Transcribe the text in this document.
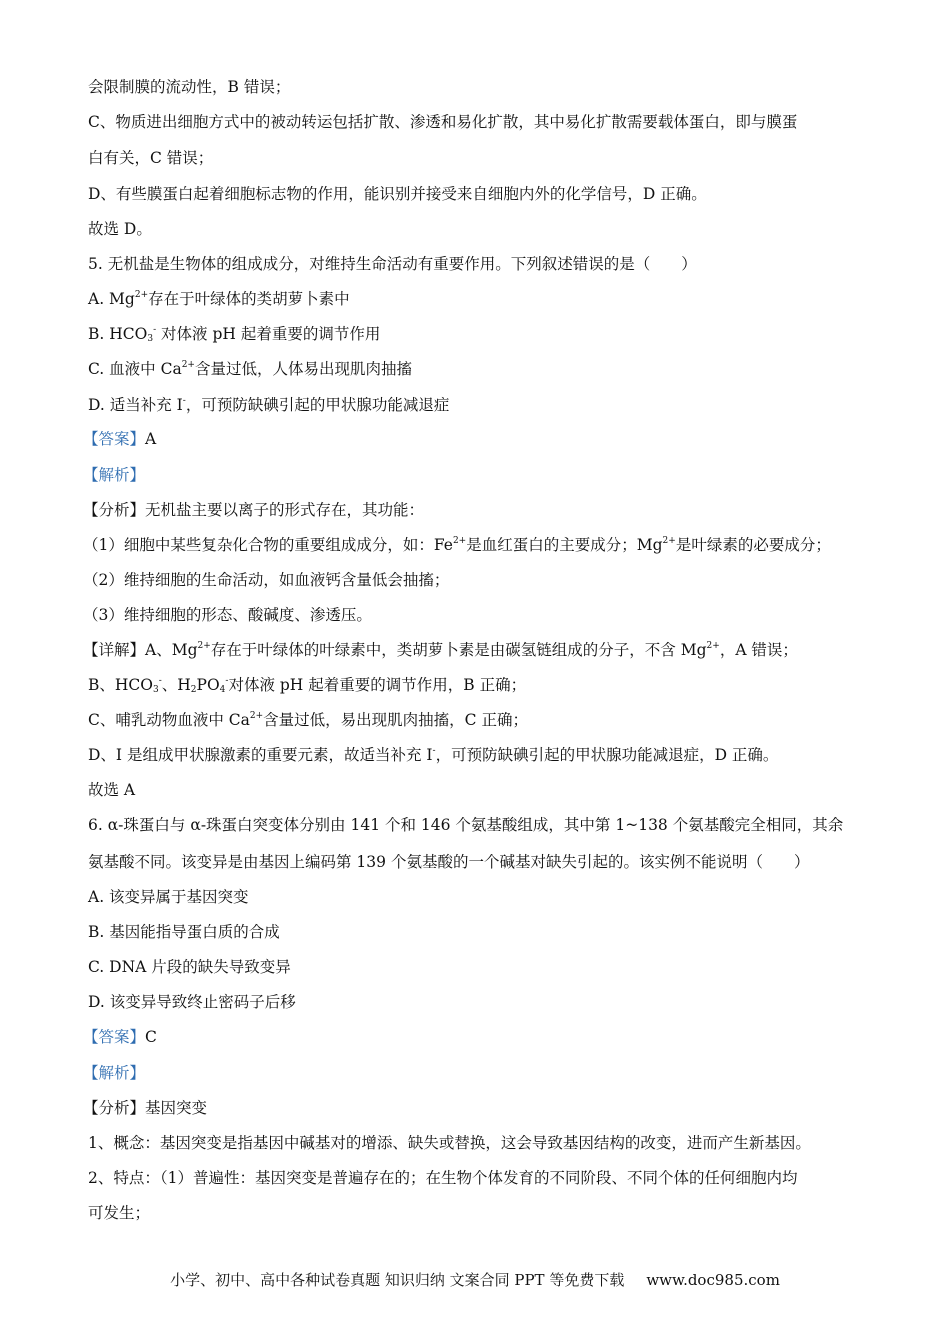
会限制膜的流动性，B 错误；
C、物质进出细胞方式中的被动转运包括扩散、渗透和易化扩散，其中易化扩散需要载体蛋白，即与膜蛋
白有关，C 错误；
D、有些膜蛋白起着细胞标志物的作用，能识别并接受来自细胞内外的化学信号，D 正确。
故选 D。
5. 无机盐是生物体的组成成分，对维持生命活动有重要作用。下列叙述错误的是（　　）
A. $Mg^{2+}$存在于叶绿体的类胡萝卜素中
B. $HCO_3^-$ 对体液 pH 起着重要的调节作用
C. 血液中 $Ca^{2+}$含量过低，人体易出现肌肉抽搐
D. 适当补充 I-，可预防缺碘引起的甲状腺功能减退症
【答案】A
【解析】
【分析】无机盐主要以离子的形式存在，其功能：
（1）细胞中某些复杂化合物的重要组成成分，如：$Fe^{2+}$是血红蛋白的主要成分；$Mg^{2+}$是叶绿素的必要成分；
（2）维持细胞的生命活动，如血液钙含量低会抽搐；
（3）维持细胞的形态、酸碱度、渗透压。
【详解】A、$Mg^{2+}$存在于叶绿体的叶绿素中，类胡萝卜素是由碳氢链组成的分子，不含 $Mg^{2+}$，A 错误；
B、$HCO_3^-$、$H_2PO_4^-$对体液 pH 起着重要的调节作用，B 正确；
C、哺乳动物血液中 $Ca^{2+}$含量过低，易出现肌肉抽搐，C 正确；
D、I 是组成甲状腺激素的重要元素，故适当补充 I-，可预防缺碘引起的甲状腺功能减退症，D 正确。
故选 A
6. α-珠蛋白与 α-珠蛋白突变体分别由 141 个和 146 个氨基酸组成，其中第 1~138 个氨基酸完全相同，其余
氨基酸不同。该变异是由基因上编码第 139 个氨基酸的一个碱基对缺失引起的。该实例不能说明（　　）
A. 该变异属于基因突变
B. 基因能指导蛋白质的合成
C. DNA 片段的缺失导致变异
D. 该变异导致终止密码子后移
【答案】C
【解析】
【分析】基因突变
1、概念：基因突变是指基因中碱基对的增添、缺失或替换，这会导致基因结构的改变，进而产生新基因。
2、特点：（1）普遍性：基因突变是普遍存在的；在生物个体发育的不同阶段、不同个体的任何细胞内均
可发生；
小学、初中、高中各种试卷真题 知识归纳 文案合同 PPT 等免费下载 www.doc985.com
